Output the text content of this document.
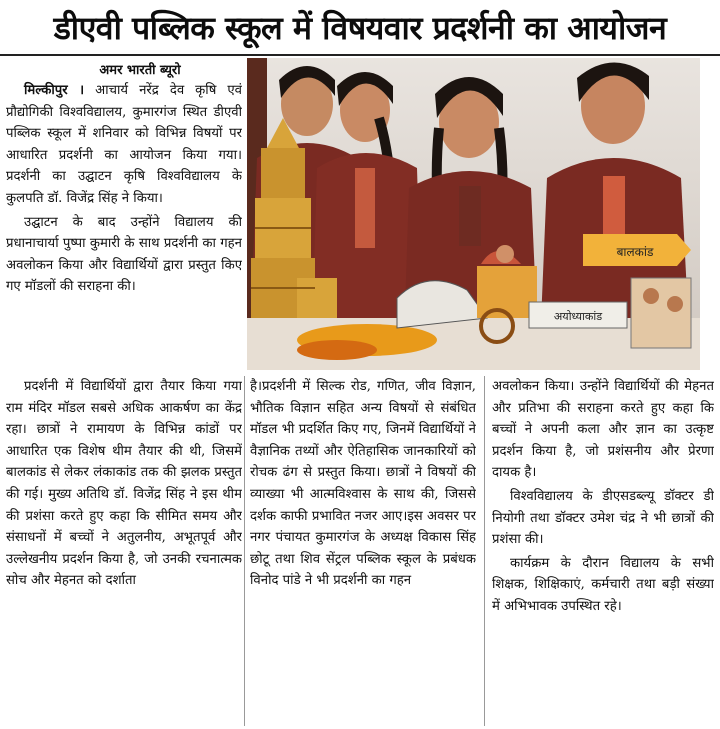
डीएवी पब्लिक स्कूल में विषयवार प्रदर्शनी का आयोजन
अमर भारती ब्यूरो

मिल्कीपुर । आचार्य नरेंद्र देव कृषि एवं प्रौद्योगिकी विश्वविद्यालय, कुमारगंज स्थित डीएवी पब्लिक स्कूल में शनिवार को विभिन्न विषयों पर आधारित प्रदर्शनी का आयोजन किया गया। प्रदर्शनी का उद्घाटन कृषि विश्वविद्यालय के कुलपति डॉ. विजेंद्र सिंह ने किया।

उद्घाटन के बाद उन्होंने विद्यालय की प्रधानाचार्या पुष्पा कुमारी के साथ प्रदर्शनी का गहन अवलोकन किया और विद्यार्थियों द्वारा प्रस्तुत किए गए मॉडलों की सराहना की।

बालकांड
अयोध्याकांड

प्रदर्शनी में विद्यार्थियों द्वारा तैयार किया गया राम मंदिर मॉडल सबसे अधिक आकर्षण का केंद्र रहा। छात्रों ने रामायण के विभिन्न कांडों पर आधारित एक विशेष थीम तैयार की थी, जिसमें बालकांड से लेकर लंकाकांड तक की झलक प्रस्तुत की गई। मुख्य अतिथि डॉ. विजेंद्र सिंह ने इस थीम की प्रशंसा करते हुए कहा कि सीमित समय और संसाधनों में बच्चों ने अतुलनीय, अभूतपूर्व और उल्लेखनीय प्रदर्शन किया है, जो उनकी रचनात्मक सोच और मेहनत को दर्शाता

है।प्रदर्शनी में सिल्क रोड, गणित, जीव विज्ञान, भौतिक विज्ञान सहित अन्य विषयों से संबंधित मॉडल भी प्रदर्शित किए गए, जिनमें विद्यार्थियों ने वैज्ञानिक तथ्यों और ऐतिहासिक जानकारियों को रोचक ढंग से प्रस्तुत किया। छात्रों ने विषयों की व्याख्या भी आत्मविश्वास के साथ की, जिससे दर्शक काफी प्रभावित नजर आए।इस अवसर पर नगर पंचायत कुमारगंज के अध्यक्ष विकास सिंह छोटू तथा शिव सेंट्रल पब्लिक स्कूल के प्रबंधक विनोद पांडे ने भी प्रदर्शनी का गहन

अवलोकन किया। उन्होंने विद्यार्थियों की मेहनत और प्रतिभा की सराहना करते हुए कहा कि बच्चों ने अपनी कला और ज्ञान का उत्कृष्ट प्रदर्शन किया है, जो प्रशंसनीय और प्रेरणा दायक है।

विश्वविद्यालय के डीएसडब्ल्यू डॉक्टर डी नियोगी तथा डॉक्टर उमेश चंद्र ने भी छात्रों की प्रशंसा की।

कार्यक्रम के दौरान विद्यालय के सभी शिक्षक, शिक्षिकाएं, कर्मचारी तथा बड़ी संख्या में अभिभावक उपस्थित रहे।
